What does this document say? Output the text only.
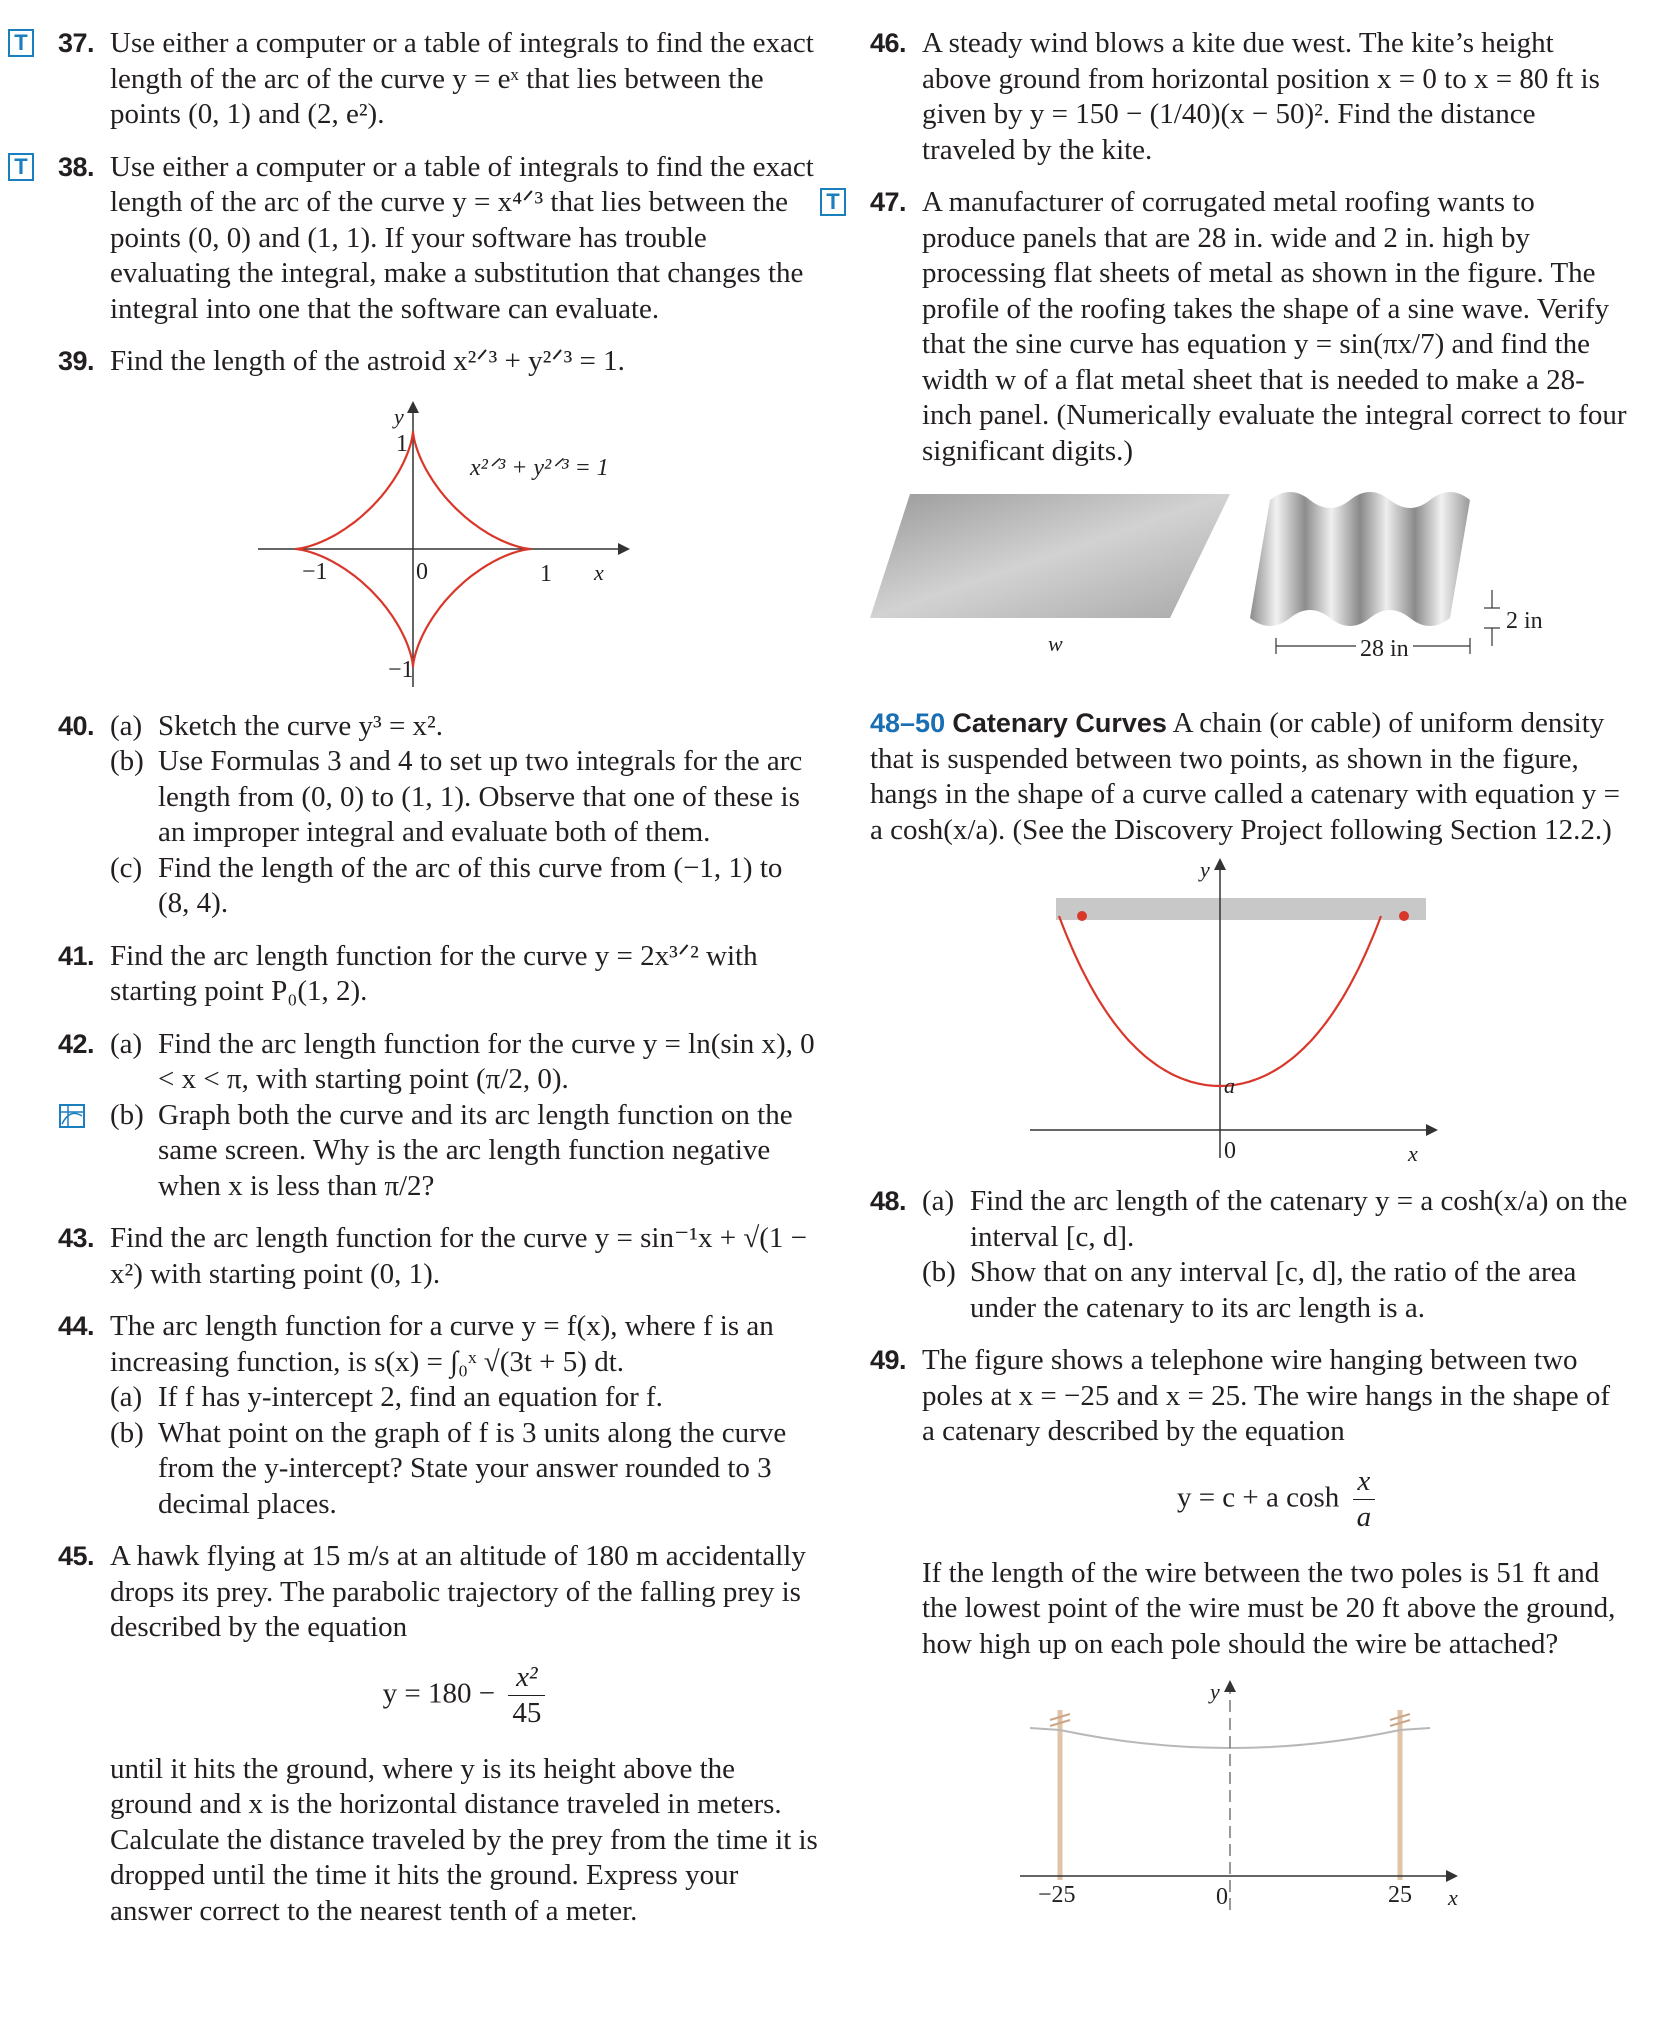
T 37. Use either a computer or a table of integrals to find the exact length of the arc of the curve y = eˣ that lies between the points (0, 1) and (2, e²).
T 38. Use either a computer or a table of integrals to find the exact length of the arc of the curve y = x⁴ᐟ³ that lies between the points (0, 0) and (1, 1). If your software has trouble evaluating the integral, make a substitution that changes the integral into one that the software can evaluate.
39. Find the length of the astroid x²ᐟ³ + y²ᐟ³ = 1.
y
x
1
−1
−1	1
0
x²ᐟ³ + y²ᐟ³ = 1
40. (a) Sketch the curve y³ = x².
(b) Use Formulas 3 and 4 to set up two integrals for the arc length from (0, 0) to (1, 1). Observe that one of these is an improper integral and evaluate both of them.
(c) Find the length of the arc of this curve from (−1, 1) to (8, 4).
41. Find the arc length function for the curve y = 2x³ᐟ² with starting point P₀(1, 2).
42. (a) Find the arc length function for the curve y = ln(sin x), 0 < x < π, with starting point (π/2, 0).
(b) Graph both the curve and its arc length function on the same screen. Why is the arc length function negative when x is less than π/2?
43. Find the arc length function for the curve y = sin⁻¹x + √(1 − x²) with starting point (0, 1).
44. The arc length function for a curve y = f(x), where f is an increasing function, is s(x) = ∫₀ˣ √(3t + 5) dt.
(a) If f has y-intercept 2, find an equation for f.
(b) What point on the graph of f is 3 units along the curve from the y-intercept? State your answer rounded to 3 decimal places.
45. A hawk flying at 15 m/s at an altitude of 180 m accidentally drops its prey. The parabolic trajectory of the falling prey is described by the equation
$y = 180 - \frac{\text{x²}}{45}$
until it hits the ground, where y is its height above the ground and x is the horizontal distance traveled in meters. Calculate the distance traveled by the prey from the time it is dropped until the time it hits the ground. Express your answer correct to the nearest tenth of a meter.
46. A steady wind blows a kite due west. The kite’s height above ground from horizontal position x = 0 to x = 80 ft is given by y = 150 − (1/40)(x − 50)². Find the distance traveled by the kite.
T 47. A manufacturer of corrugated metal roofing wants to produce panels that are 28 in. wide and 2 in. high by processing flat sheets of metal as shown in the figure. The profile of the roofing takes the shape of a sine wave. Verify that the sine curve has equation y = sin(πx/7) and find the width w of a flat metal sheet that is needed to make a 28-inch panel. (Numerically evaluate the integral correct to four significant digits.)
w	28 in
2 in
48–50 Catenary Curves A chain (or cable) of uniform density that is suspended between two points, as shown in the figure, hangs in the shape of a curve called a catenary with equation y = a cosh(x/a). (See the Discovery Project following Section 12.2.)
y
x
a
0
48. (a) Find the arc length of the catenary y = a cosh(x/a) on the interval [c, d].
(b) Show that on any interval [c, d], the ratio of the area under the catenary to its arc length is a.
49. The figure shows a telephone wire hanging between two poles at x = −25 and x = 25. The wire hangs in the shape of a catenary described by the equation
y = c + a $\cosh \frac{x}{a}$
If the length of the wire between the two poles is 51 ft and the lowest point of the wire must be 20 ft above the ground, how high up on each pole should the wire be attached?
y
x
−25	25
0
